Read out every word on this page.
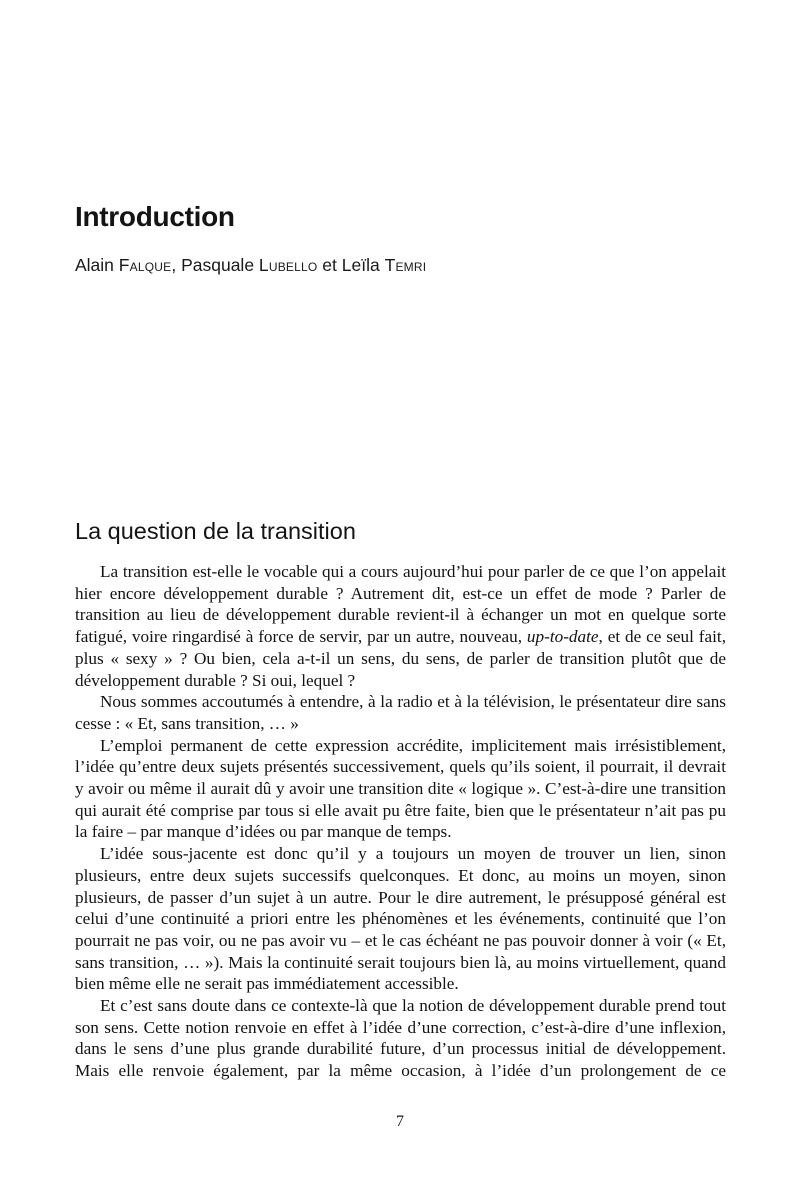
Introduction
Alain Falque, Pasquale Lubello et Leïla Temri
La question de la transition

La transition est-elle le vocable qui a cours aujourd’hui pour parler de ce que l’on appelait hier encore développement durable ? Autrement dit, est-ce un effet de mode ? Parler de transition au lieu de développement durable revient-il à échanger un mot en quelque sorte fatigué, voire ringardisé à force de servir, par un autre, nouveau, up-to-date, et de ce seul fait, plus « sexy » ? Ou bien, cela a-t-il un sens, du sens, de parler de transition plutôt que de développement durable ? Si oui, lequel ?

Nous sommes accoutumés à entendre, à la radio et à la télévision, le présentateur dire sans cesse : « Et, sans transition, … »

L’emploi permanent de cette expression accrédite, implicitement mais irrésistiblement, l’idée qu’entre deux sujets présentés successivement, quels qu’ils soient, il pourrait, il devrait y avoir ou même il aurait dû y avoir une transition dite « logique ». C’est-à-dire une transition qui aurait été comprise par tous si elle avait pu être faite, bien que le présentateur n’ait pas pu la faire – par manque d’idées ou par manque de temps.

L’idée sous-jacente est donc qu’il y a toujours un moyen de trouver un lien, sinon plusieurs, entre deux sujets successifs quelconques. Et donc, au moins un moyen, sinon plusieurs, de passer d’un sujet à un autre. Pour le dire autrement, le présupposé général est celui d’une continuité a priori entre les phénomènes et les événements, continuité que l’on pourrait ne pas voir, ou ne pas avoir vu – et le cas échéant ne pas pouvoir donner à voir (« Et, sans transition, … »). Mais la continuité serait toujours bien là, au moins virtuellement, quand bien même elle ne serait pas immédiatement accessible.

Et c’est sans doute dans ce contexte-là que la notion de développement durable prend tout son sens. Cette notion renvoie en effet à l’idée d’une correction, c’est-à-dire d’une inflexion, dans le sens d’une plus grande durabilité future, d’un processus initial de développement. Mais elle renvoie également, par la même occasion, à l’idée d’un prolongement de ce

7
